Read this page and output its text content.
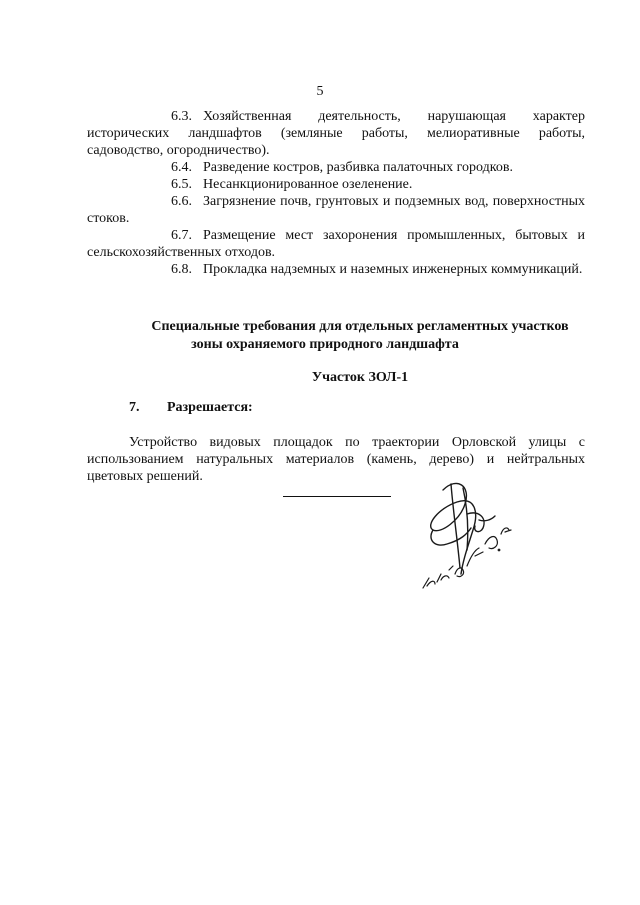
5
6.3. Хозяйственная деятельность, нарушающая характер исторических ландшафтов (земляные работы, мелиоративные работы, садоводство, огородничество).
6.4. Разведение костров, разбивка палаточных городков.
6.5. Несанкционированное озеленение.
6.6. Загрязнение почв, грунтовых и подземных вод, поверхностных стоков.
6.7. Размещение мест захоронения промышленных, бытовых и сельскохозяйственных отходов.
6.8. Прокладка надземных и наземных инженерных коммуникаций.
Специальные требования для отдельных регламентных участков
зоны охраняемого природного ландшафта
Участок ЗОЛ-1
7. Разрешается:
Устройство видовых площадок по траектории Орловской улицы с использованием натуральных материалов (камень, дерево) и нейтральных цветовых решений.
